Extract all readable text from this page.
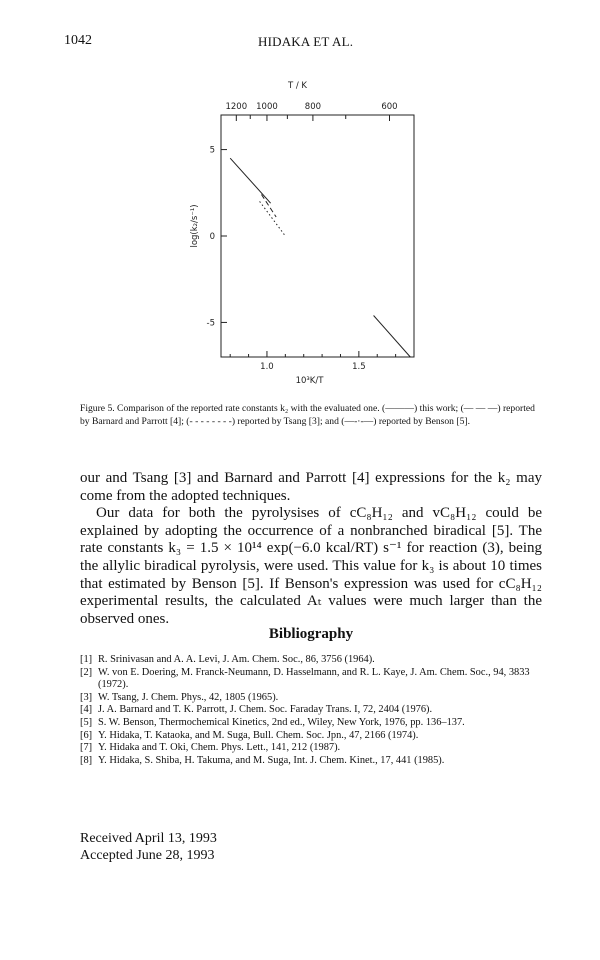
1042	HIDAKA ET AL.
T / K
1200 1000	800	600
1.0	1.5
10³K/T
5
0
-5
log(k₂/s⁻¹)
Figure 5. Comparison of the reported rate constants k₂ with the evaluated one. (———) this work; (— — —) reported by Barnard and Parrott [4]; (- - - - - - - -) reported by Tsang [3]; and (—-·-—) reported by Benson [5].

our and Tsang [3] and Barnard and Parrott [4] expressions for the k₂ may come from the adopted techniques.

Our data for both the pyrolysises of cC₈H₁₂ and vC₈H₁₂ could be explained by adopting the occurrence of a nonbranched biradical [5]. The rate constants k₃ = 1.5 × 10¹⁴ exp(−6.0 kcal/RT) s⁻¹ for reaction (3), being the allylic biradical pyrolysis, were used. This value for k₃ is about 10 times that estimated by Benson [5]. If Benson's expression was used for cC₈H₁₂ experimental results, the calculated Aₜ values were much larger than the observed ones.

Bibliography
[1] R. Srinivasan and A. A. Levi, J. Am. Chem. Soc., 86, 3756 (1964).
[2] W. von E. Doering, M. Franck-Neumann, D. Hasselmann, and R. L. Kaye, J. Am. Chem. Soc., 94, 3833 (1972).
[3] W. Tsang, J. Chem. Phys., 42, 1805 (1965).
[4] J. A. Barnard and T. K. Parrott, J. Chem. Soc. Faraday Trans. I, 72, 2404 (1976).
[5] S. W. Benson, Thermochemical Kinetics, 2nd ed., Wiley, New York, 1976, pp. 136–137.
[6] Y. Hidaka, T. Kataoka, and M. Suga, Bull. Chem. Soc. Jpn., 47, 2166 (1974).
[7] Y. Hidaka and T. Oki, Chem. Phys. Lett., 141, 212 (1987).
[8] Y. Hidaka, S. Shiba, H. Takuma, and M. Suga, Int. J. Chem. Kinet., 17, 441 (1985).
Received April 13, 1993
Accepted June 28, 1993
